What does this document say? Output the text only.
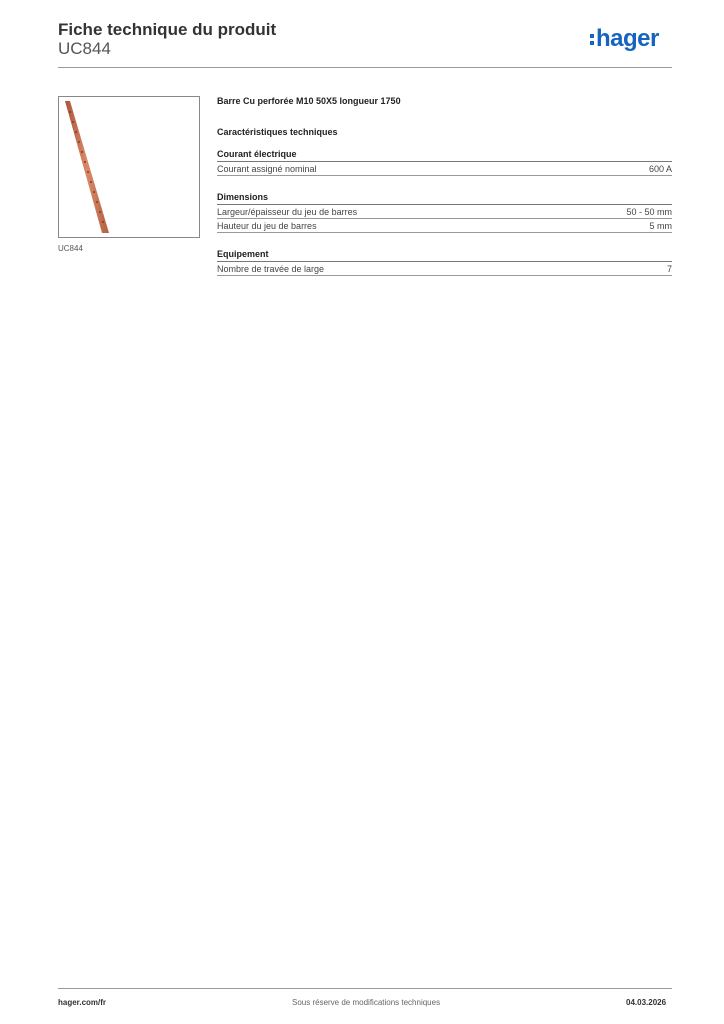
Fiche technique du produit
UC844	hager
UC844
Barre Cu perforée M10 50X5 longueur 1750
Caractéristiques techniques
Courant électrique
Courant assigné nominal	600 A
Dimensions
Largeur/épaisseur du jeu de barres	50 - 50 mm
Hauteur du jeu de barres	5 mm
Equipement
Nombre de travée de large	7
hager.com/fr	Sous réserve de modifications techniques	04.03.2026
